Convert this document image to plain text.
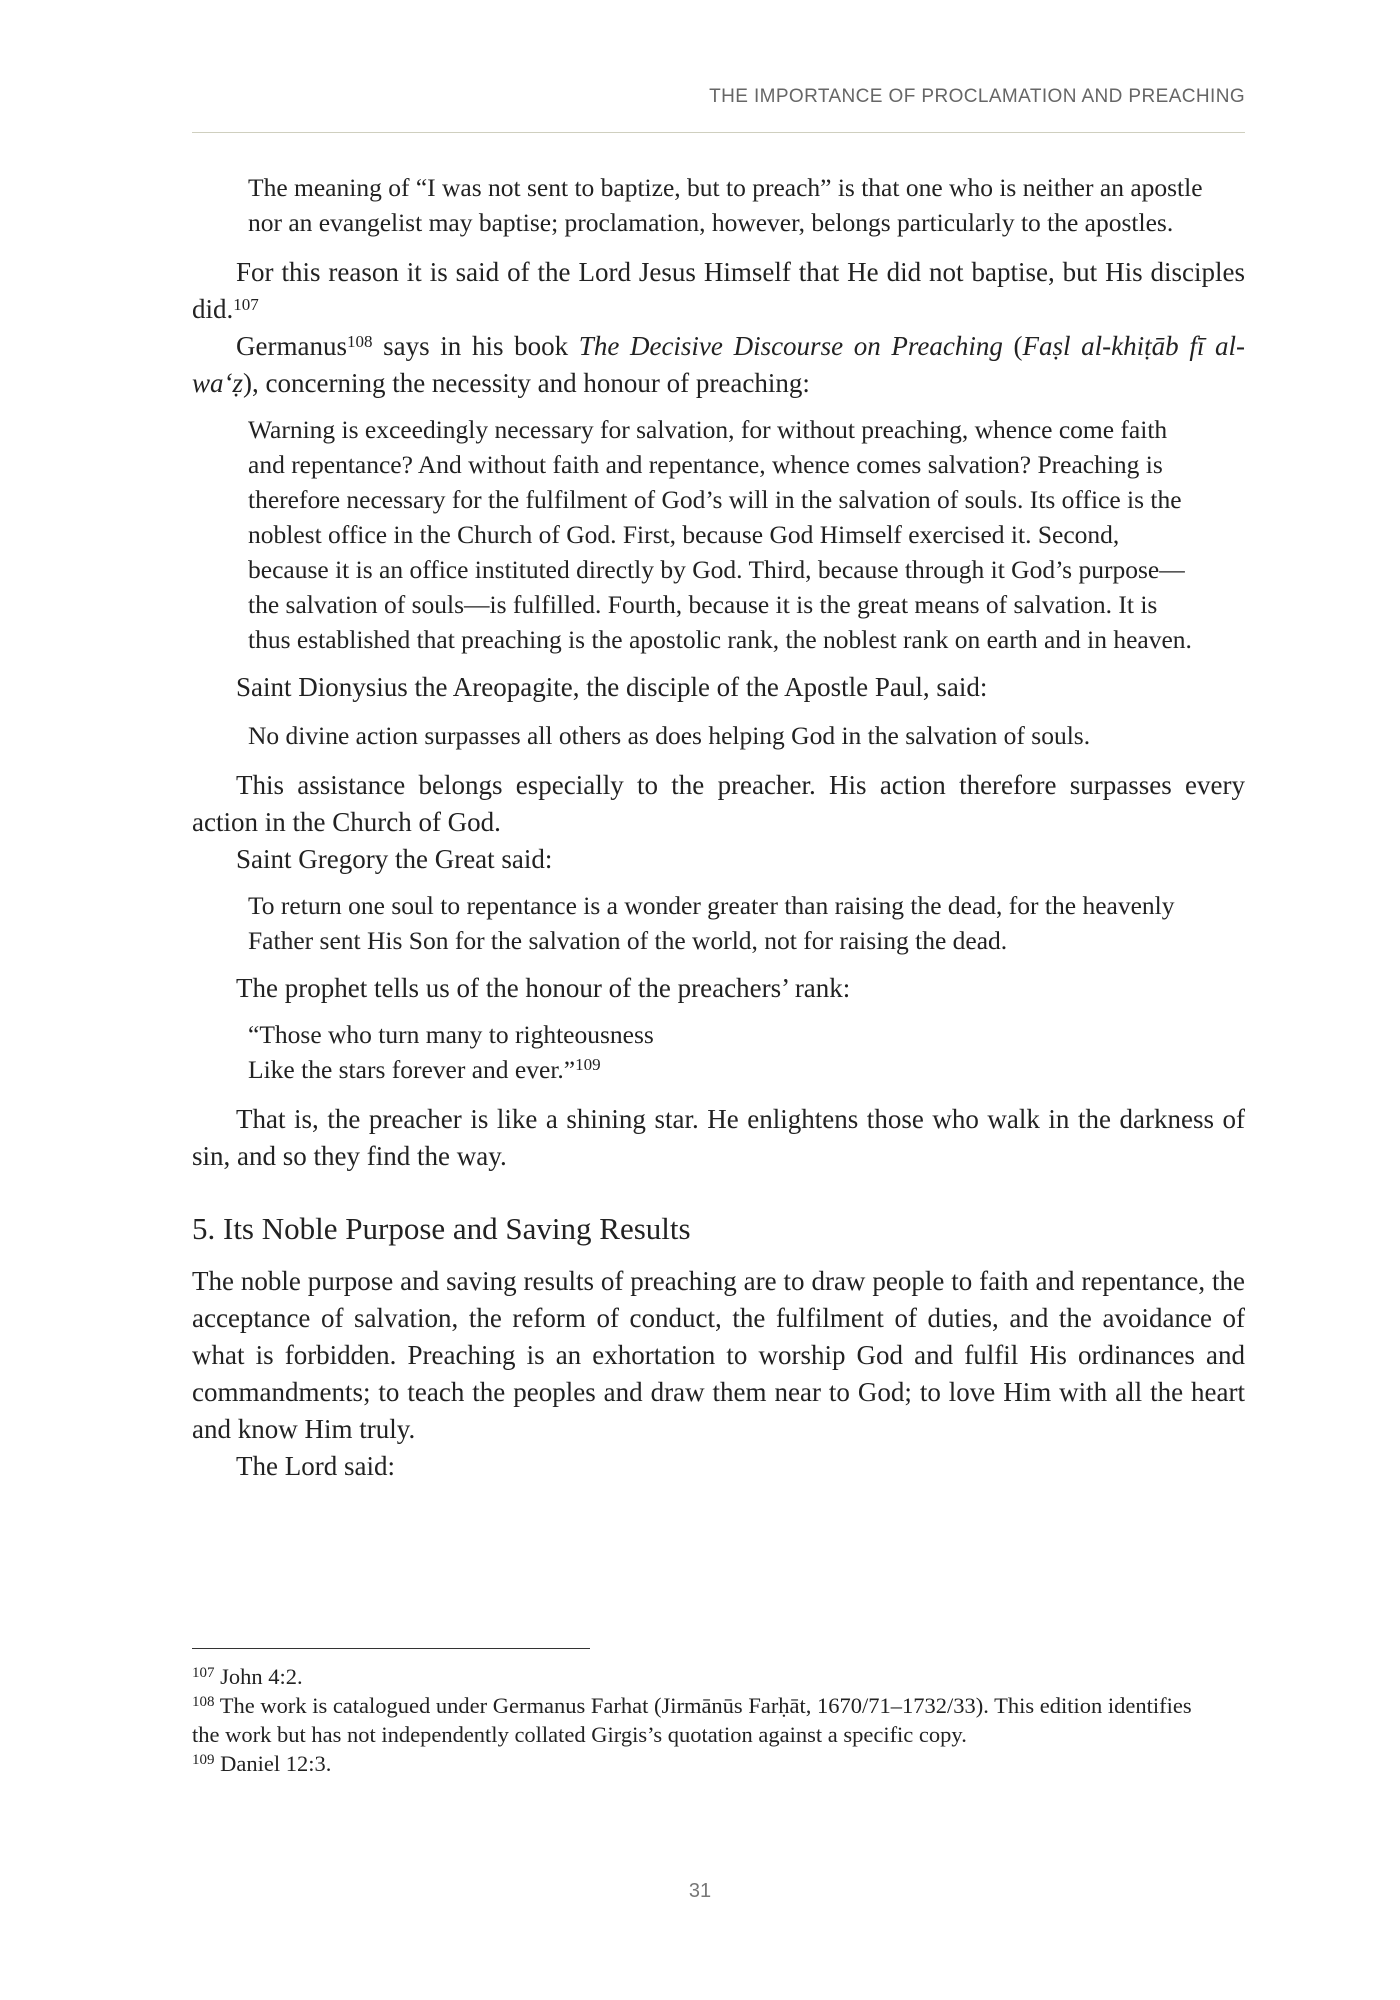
THE IMPORTANCE OF PROCLAMATION AND PREACHING

The meaning of “I was not sent to baptize, but to preach” is that one who is neither an apostle nor an evangelist may baptise; proclamation, however, belongs particularly to the apostles.

For this reason it is said of the Lord Jesus Himself that He did not baptise, but His disciples did.$^{107}$

Germanus$^{108}$ says in his book The Decisive Discourse on Preaching (Faṣl al-khiṭāb fī al-wa‘ẓ), concerning the necessity and honour of preaching:

Warning is exceedingly necessary for salvation, for without preaching, whence come faith and repentance? And without faith and repentance, whence comes salvation? Preaching is therefore necessary for the fulfilment of God’s will in the salvation of souls. Its office is the noblest office in the Church of God. First, because God Himself exercised it. Second, because it is an office instituted directly by God. Third, because through it God’s purpose—the salvation of souls—is fulfilled. Fourth, because it is the great means of salvation. It is thus established that preaching is the apostolic rank, the noblest rank on earth and in heaven.

Saint Dionysius the Areopagite, the disciple of the Apostle Paul, said:

No divine action surpasses all others as does helping God in the salvation of souls.

This assistance belongs especially to the preacher. His action therefore surpasses every action in the Church of God.

Saint Gregory the Great said:

To return one soul to repentance is a wonder greater than raising the dead, for the heavenly Father sent His Son for the salvation of the world, not for raising the dead.

The prophet tells us of the honour of the preachers’ rank:

“Those who turn many to righteousness

Like the stars forever and ever.”$^{109}$

That is, the preacher is like a shining star. He enlightens those who walk in the darkness of sin, and so they find the way.

5. Its Noble Purpose and Saving Results

The noble purpose and saving results of preaching are to draw people to faith and repentance, the acceptance of salvation, the reform of conduct, the fulfilment of duties, and the avoidance of what is forbidden. Preaching is an exhortation to worship God and fulfil His ordinances and commandments; to teach the peoples and draw them near to God; to love Him with all the heart and know Him truly.

The Lord said:

$^{107}$ John 4:2.

$^{108}$ The work is catalogued under Germanus Farhat (Jirmānūs Farḥāt, 1670/71–1732/33). This edition identifies the work but has not independently collated Girgis’s quotation against a specific copy.

$^{109}$ Daniel 12:3.

31
